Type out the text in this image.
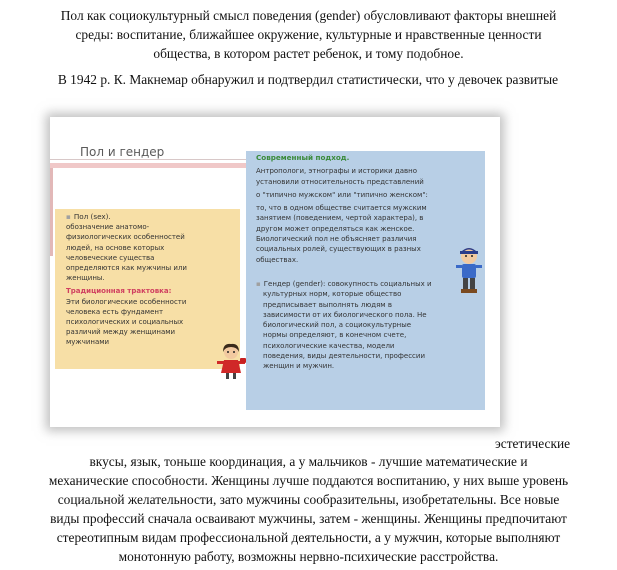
Пол как социокультурный смысл поведения (gender) обусловливают факторы внешней
среды: воспитание, ближайшее окружение, культурные и нравственные ценности
общества, в котором растет ребенок, и тому подобное.
В 1942 р. К. Макнемар обнаружил и подтвердил статистически, что у девочек развитые
Пол и гендер
▪ Пол (sex).
обозначение анатомо-
физиологических особенностей
людей, на основе которых
человеческие существа
определяются как мужчины или
женщины.
Традиционная трактовка:
Эти биологические особенности
человека есть фундамент
психологических и социальных
различий между женщинами
мужчинами
Современный подход.
Антропологи, этнографы и историки давно
установили относительность представлений
о "типично мужском" или "типично женском":
то, что в одном обществе считается мужским
занятием (поведением, чертой характера), в
другом может определяться как женское.
Биологический пол не объясняет различия
социальных ролей, существующих в разных
обществах.
▪ Гендер (gender): совокупность социальных и
культурных норм, которые общество
предписывает выполнять людям в
зависимости от их биологического пола. Не
биологический пол, а социокультурные
нормы определяют, в конечном счете,
психологические качества, модели
поведения, виды деятельности, профессии
женщин и мужчин.
эстетические
вкусы, язык, тоньше координация, а у мальчиков - лучшие математические и
механические способности. Женщины лучше поддаются воспитанию, у них выше уровень
социальной желательности, зато мужчины сообразительны, изобретательны. Все новые
виды профессий сначала осваивают мужчины, затем - женщины. Женщины предпочитают
стереотипным видам профессиональной деятельности, а у мужчин, которые выполняют
монотонную работу, возможны нервно-психические расстройства.
